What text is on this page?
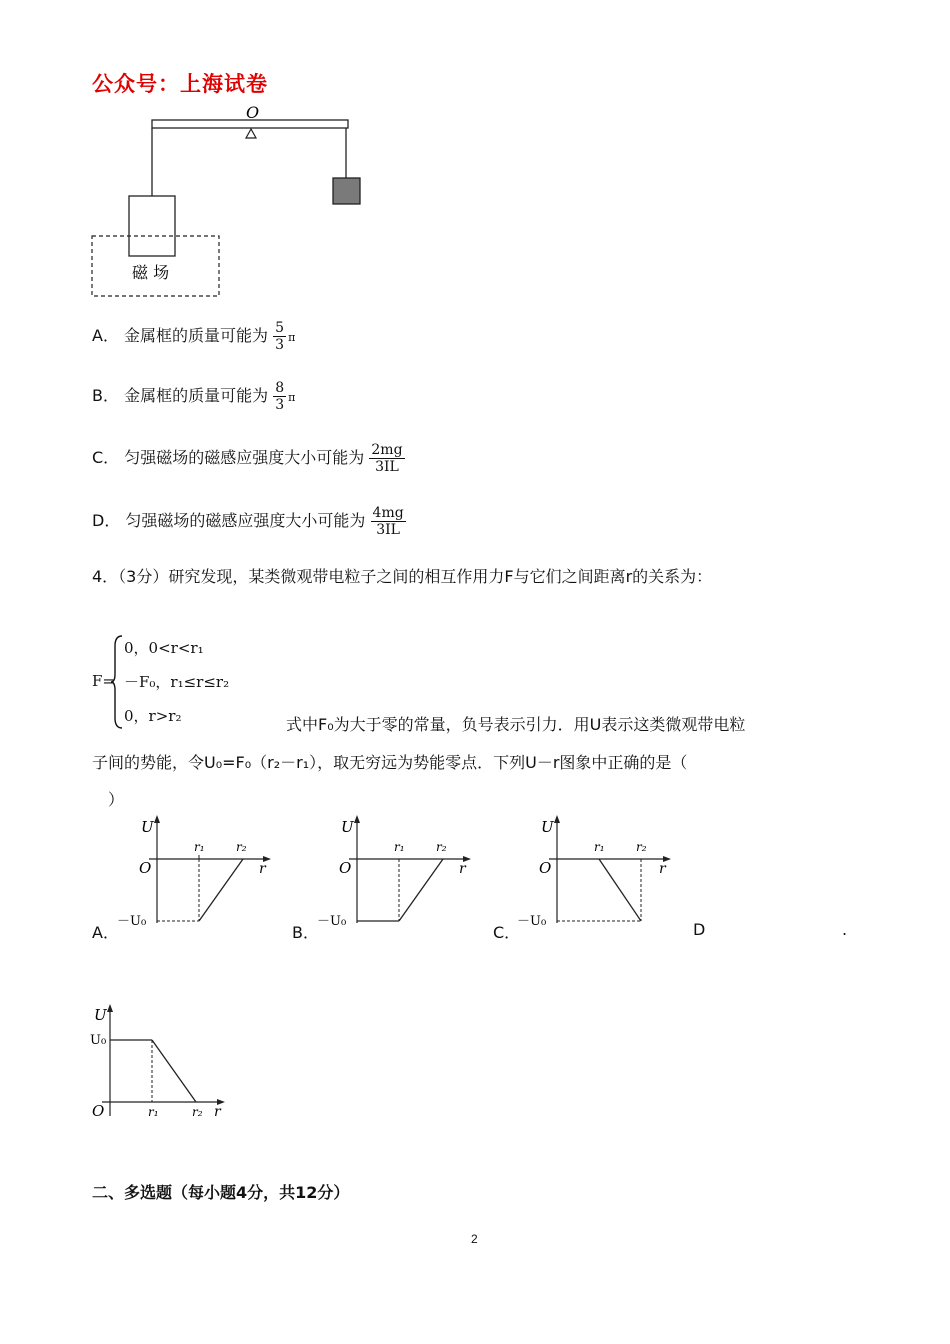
公众号：上海试卷
O
磁 场
A． 金属框的质量可能为 $\frac{5}{3}$ π
B． 金属框的质量可能为 $\frac{8}{3}$ π
C． 匀强磁场的磁感应强度大小可能为 $\frac{2mg}{3IL}$
D． 匀强磁场的磁感应强度大小可能为 $\frac{4mg}{3IL}$
4．（3分）研究发现，某类微观带电粒子之间的相互作用力F与它们之间距离r的关系为：
F=
0，0<r<r₁
－F₀，r₁≤r≤r₂
0，r>r₂	式中F₀为大于零的常量，负号表示引力．用U表示这类微观带电粒
子间的势能，令U₀=F₀（r₂－r₁），取无穷远为势能零点．下列U－r图象中正确的是（
　）
A．
U
r
O
r₁	r₂
－U₀
B．
U
r
O
r₁	r₂
－U₀
C．
U
r
O
r₁	r₂
－U₀	D	.
U
U₀
O	r₁	r₂ r
二、多选题（每小题4分，共12分）
2
